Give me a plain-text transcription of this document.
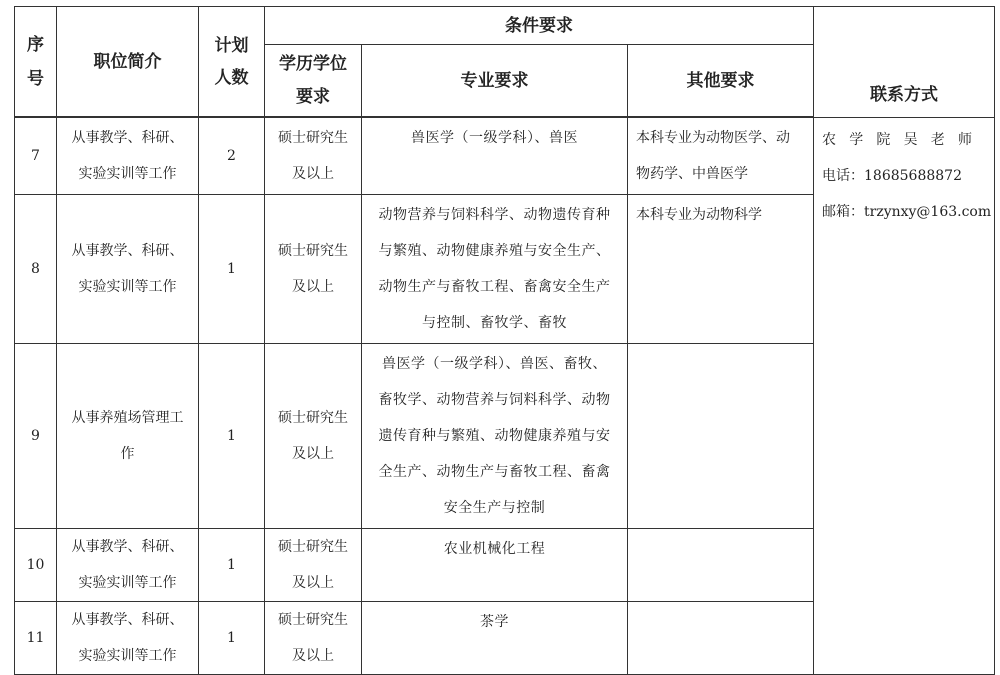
序号	职位简介	计划人数	条件要求			联系方式

			学历学位要求	专业要求	其他要求	

7	从事教学、科研、
实验实训等工作	2	硕士研究生
及以上	兽医学（一级学科）、兽医	本科专业为动物医学、动
物药学、中兽医学	农学院吴老师
电话：18685688872
邮箱：trzynxy@163.com

8	从事教学、科研、
实验实训等工作	1	硕士研究生
及以上	动物营养与饲料科学、动物遗传育种
与繁殖、动物健康养殖与安全生产、
动物生产与畜牧工程、畜禽安全生产
与控制、畜牧学、畜牧	本科专业为动物科学	

9	从事养殖场管理工
作	1	硕士研究生
及以上	兽医学（一级学科）、兽医、畜牧、
畜牧学、动物营养与饲料科学、动物
遗传育种与繁殖、动物健康养殖与安
全生产、动物生产与畜牧工程、畜禽
安全生产与控制		

10	从事教学、科研、
实验实训等工作	1	硕士研究生
及以上	农业机械化工程		

11	从事教学、科研、
实验实训等工作	1	硕士研究生
及以上	茶学		
